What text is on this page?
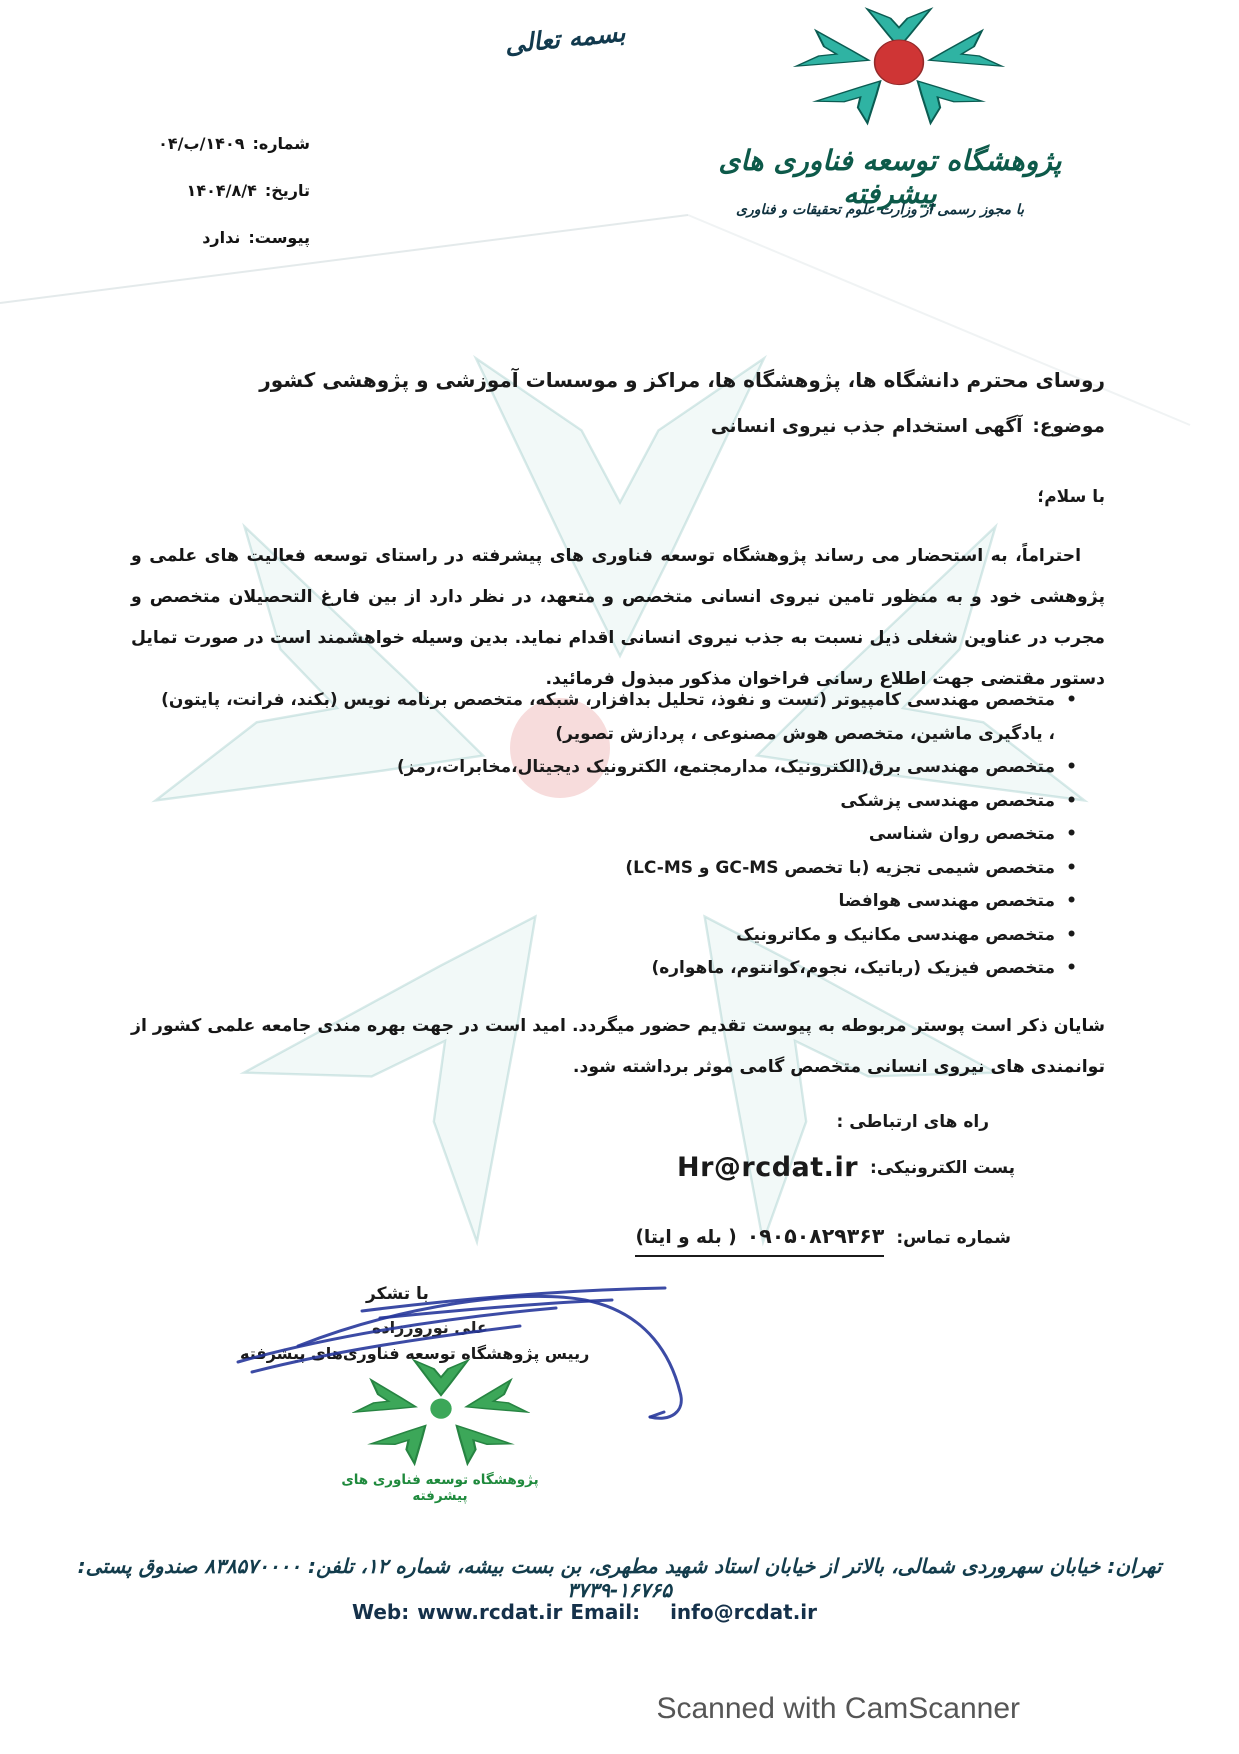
بسمه تعالی
پژوهشگاه توسعه فناوری های پیشرفته
با مجوز رسمی از وزارت علوم تحقیقات و فناوری
شماره:
۱۴۰۹/ب/۰۴
تاریخ:
۱۴۰۴/۸/۴
پیوست:
ندارد
روسای محترم دانشگاه ها، پژوهشگاه ها، مراکز و موسسات آموزشی و پژوهشی کشور
موضوع:آگهی استخدام جذب نیروی انسانی
با سلام؛

احتراماً، به استحضار می رساند پژوهشگاه توسعه فناوری های پیشرفته در راستای توسعه فعالیت های علمی و پژوهشی خود و به منظور تامین نیروی انسانی متخصص و متعهد، در نظر دارد از بین فارغ التحصیلان متخصص و مجرب در عناوین شغلی ذیل نسبت به جذب نیروی انسانی اقدام نماید. بدین وسیله خواهشمند است در صورت تمایل دستور مقتضی جهت اطلاع رسانی فراخوان مذکور مبذول فرمائید.

• متخصص مهندسی کامپیوتر (تست و نفوذ، تحلیل بدافزار، شبکه، متخصص برنامه نویس (بکند، فرانت، پایتون) ، یادگیری ماشین، متخصص هوش مصنوعی ، پردازش تصویر)
• متخصص مهندسی برق(الکترونیک، مدارمجتمع، الکترونیک دیجیتال،مخابرات،رمز)
• متخصص مهندسی پزشکی
• متخصص روان شناسی
• متخصص شیمی تجزیه (با تخصص GC-MS و LC-MS)
• متخصص مهندسی هوافضا
• متخصص مهندسی مکانیک و مکاترونیک
• متخصص فیزیک (رباتیک، نجوم،کوانتوم، ماهواره)

شایان ذکر است پوستر مربوطه به پیوست تقدیم حضور میگردد. امید است در جهت بهره مندی جامعه علمی کشور از توانمندی های نیروی انسانی متخصص گامی موثر برداشته شود.

راه های ارتباطی :
پست الکترونیکی:
Hr@rcdat.ir
شماره تماس:
۰۹۰۵۰۸۲۹۳۶۳
( بله و ایتا)
با تشکر
علی نوروززاده
رییس پژوهشگاه توسعه فناوری‌های پیشرفته
پژوهشگاه توسعه فناوری های پیشرفته
تهران: خیابان سهروردی شمالی، بالاتر از خیابان استاد شهید مطهری، بن بست بیشه، شماره ۱۲، تلفن: ۸۳۸۵۷۰۰۰۰ صندوق پستی: ۱۶۷۶۵-۳۷۳۹
Web: www.rcdat.ir Email: info@rcdat.ir
Scanned with CamScanner
